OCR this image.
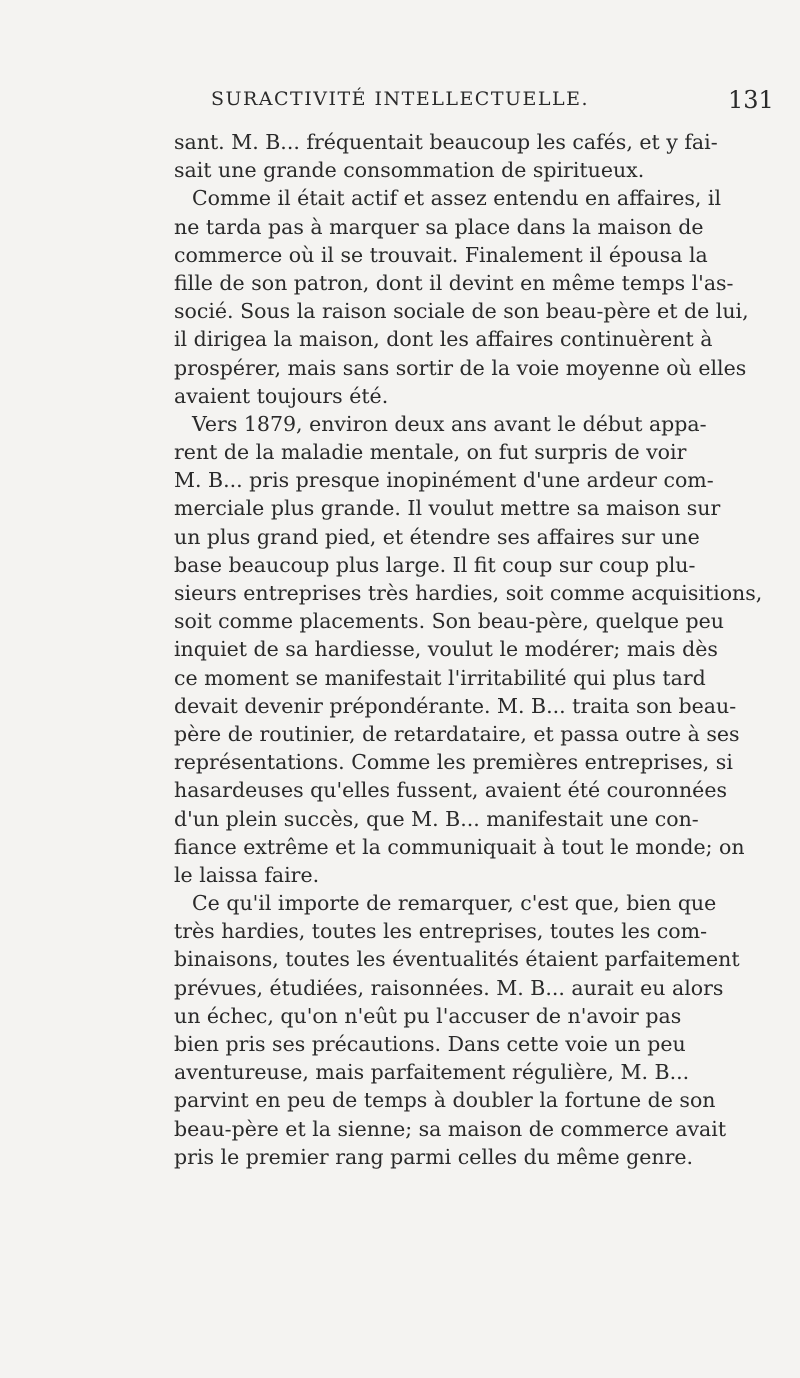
SURACTIVITÉ INTELLECTUELLE.	131
sant. M. B... fréquentait beaucoup les cafés, et y fai-
sait une grande consommation de spiritueux.
Comme il était actif et assez entendu en affaires, il
ne tarda pas à marquer sa place dans la maison de
commerce où il se trouvait. Finalement il épousa la
fille de son patron, dont il devint en même temps l'as-
socié. Sous la raison sociale de son beau-père et de lui,
il dirigea la maison, dont les affaires continuèrent à
prospérer, mais sans sortir de la voie moyenne où elles
avaient toujours été.
Vers 1879, environ deux ans avant le début appa-
rent de la maladie mentale, on fut surpris de voir
M. B... pris presque inopinément d'une ardeur com-
merciale plus grande. Il voulut mettre sa maison sur
un plus grand pied, et étendre ses affaires sur une
base beaucoup plus large. Il fit coup sur coup plu-
sieurs entreprises très hardies, soit comme acquisitions,
soit comme placements. Son beau-père, quelque peu
inquiet de sa hardiesse, voulut le modérer; mais dès
ce moment se manifestait l'irritabilité qui plus tard
devait devenir prépondérante. M. B... traita son beau-
père de routinier, de retardataire, et passa outre à ses
représentations. Comme les premières entreprises, si
hasardeuses qu'elles fussent, avaient été couronnées
d'un plein succès, que M. B... manifestait une con-
fiance extrême et la communiquait à tout le monde; on
le laissa faire.
Ce qu'il importe de remarquer, c'est que, bien que
très hardies, toutes les entreprises, toutes les com-
binaisons, toutes les éventualités étaient parfaitement
prévues, étudiées, raisonnées. M. B... aurait eu alors
un échec, qu'on n'eût pu l'accuser de n'avoir pas
bien pris ses précautions. Dans cette voie un peu
aventureuse, mais parfaitement régulière, M. B...
parvint en peu de temps à doubler la fortune de son
beau-père et la sienne; sa maison de commerce avait
pris le premier rang parmi celles du même genre.
